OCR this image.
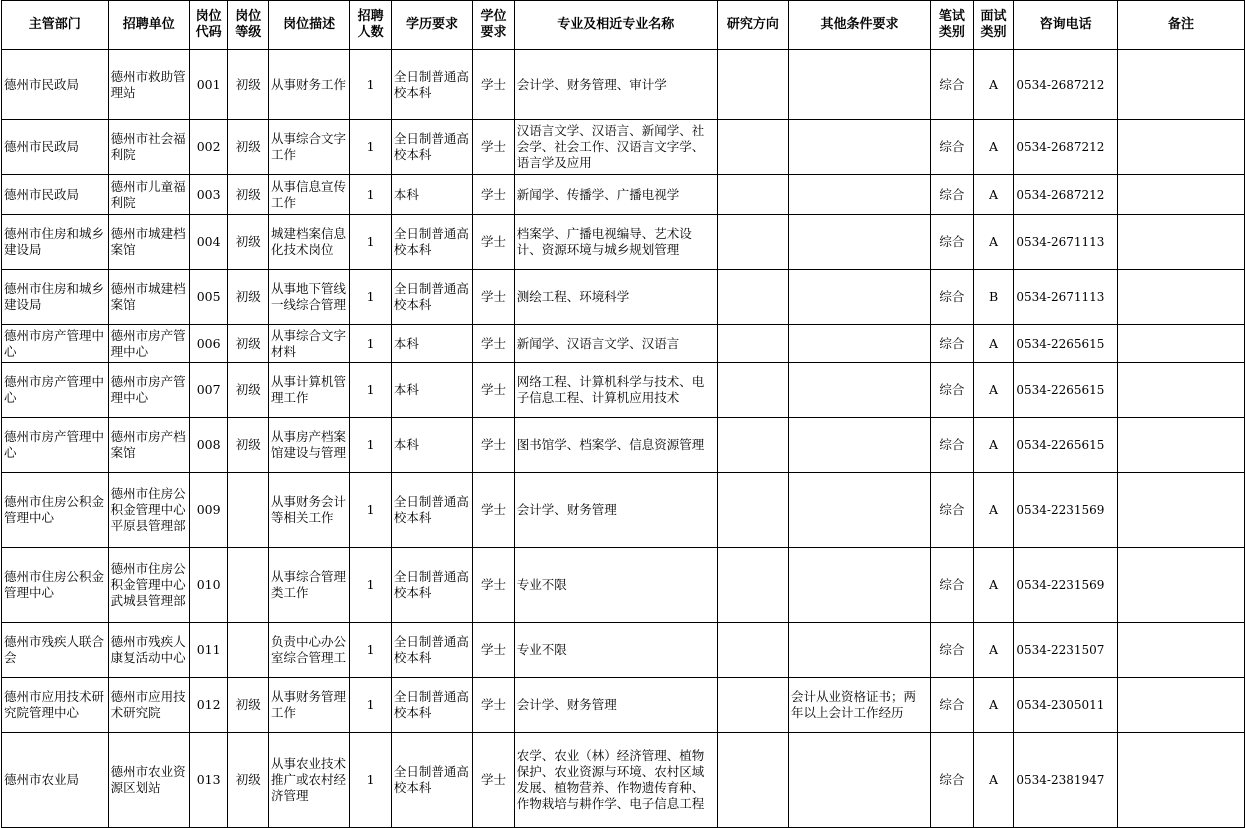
主管部门	招聘单位	岗位代码	岗位等级	岗位描述	招聘人数	学历要求	学位要求	专业及相近专业名称	研究方向	其他条件要求	笔试类别	面试类别	咨询电话	备注
德州市民政局	德州市救助管理站	001	初级	从事财务工作	1	全日制普通高校本科	学士	会计学、财务管理、审计学			综合	A	0534-2687212	
德州市民政局	德州市社会福利院	002	初级	从事综合文字工作	1	全日制普通高校本科	学士	汉语言文学、汉语言、新闻学、社会学、社会工作、汉语言文字学、语言学及应用			综合	A	0534-2687212	
德州市民政局	德州市儿童福利院	003	初级	从事信息宣传工作	1	本科	学士	新闻学、传播学、广播电视学			综合	A	0534-2687212	
德州市住房和城乡建设局	德州市城建档案馆	004	初级	城建档案信息化技术岗位	1	全日制普通高校本科	学士	档案学、广播电视编导、艺术设计、资源环境与城乡规划管理			综合	A	0534-2671113	
德州市住房和城乡建设局	德州市城建档案馆	005	初级	从事地下管线一线综合管理	1	全日制普通高校本科	学士	测绘工程、环境科学			综合	B	0534-2671113	
德州市房产管理中心	德州市房产管理中心	006	初级	从事综合文字材料	1	本科	学士	新闻学、汉语言文学、汉语言			综合	A	0534-2265615	
德州市房产管理中心	德州市房产管理中心	007	初级	从事计算机管理工作	1	本科	学士	网络工程、计算机科学与技术、电子信息工程、计算机应用技术			综合	A	0534-2265615	
德州市房产管理中心	德州市房产档案馆	008	初级	从事房产档案馆建设与管理	1	本科	学士	图书馆学、档案学、信息资源管理			综合	A	0534-2265615	
德州市住房公积金管理中心	德州市住房公积金管理中心平原县管理部	009		从事财务会计等相关工作	1	全日制普通高校本科	学士	会计学、财务管理			综合	A	0534-2231569	
德州市住房公积金管理中心	德州市住房公积金管理中心武城县管理部	010		从事综合管理类工作	1	全日制普通高校本科	学士	专业不限			综合	A	0534-2231569	
德州市残疾人联合会	德州市残疾人康复活动中心	011		负责中心办公室综合管理工	1	全日制普通高校本科	学士	专业不限			综合	A	0534-2231507	
德州市应用技术研究院管理中心	德州市应用技术研究院	012	初级	从事财务管理工作	1	全日制普通高校本科	学士	会计学、财务管理		会计从业资格证书；两年以上会计工作经历	综合	A	0534-2305011	
德州市农业局	德州市农业资源区划站	013	初级	从事农业技术推广或农村经济管理	1	全日制普通高校本科	学士	农学、农业（林）经济管理、植物保护、农业资源与环境、农村区域发展、植物营养、作物遗传育种、作物栽培与耕作学、电子信息工程			综合	A	0534-2381947	
